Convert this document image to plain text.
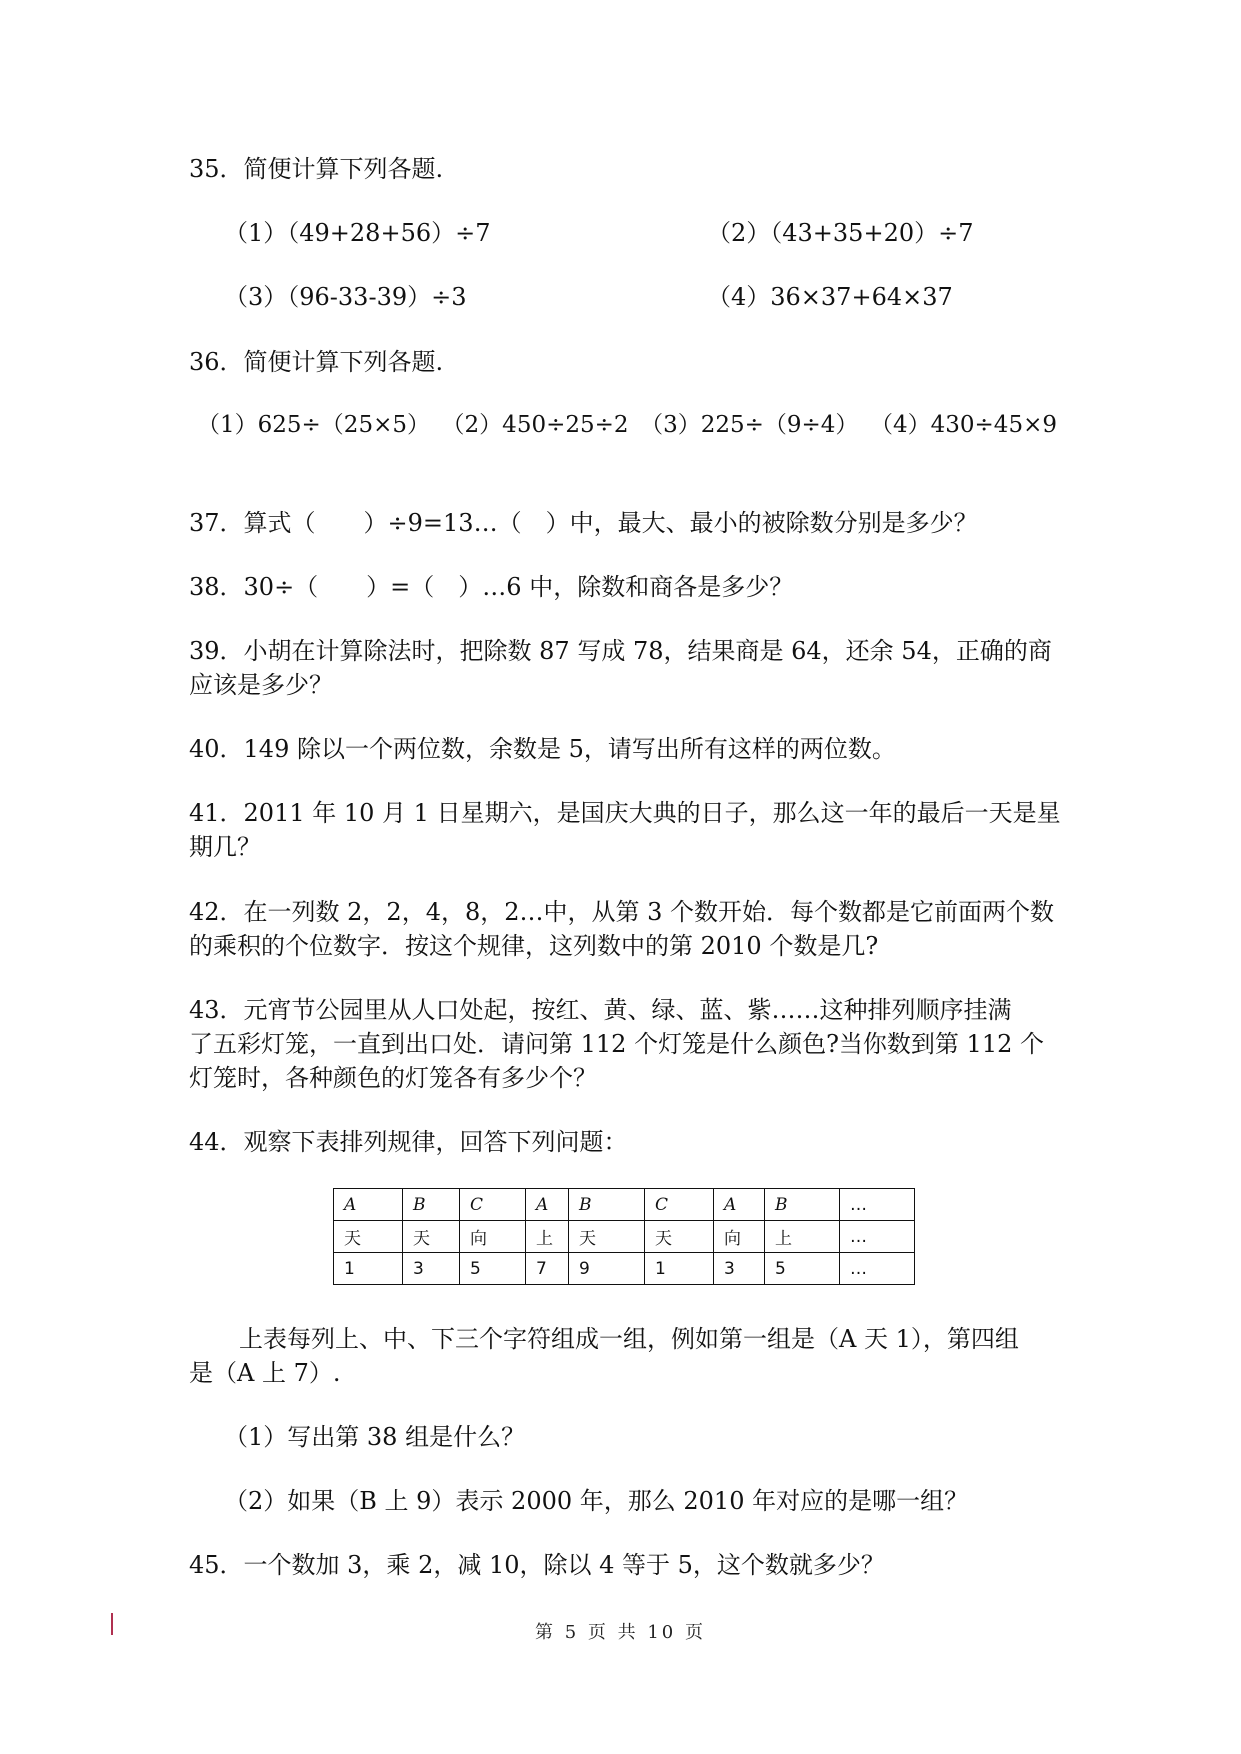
35．简便计算下列各题.
（1）（49+28+56）÷7	（2）（43+35+20）÷7
（3）（96-33-39）÷3	（4）36×37+64×37
36．简便计算下列各题.
（1）625÷（25×5） （2）450÷25÷2 （3）225÷（9÷4） （4）430÷45×9
37．算式（　　）÷9=13…（　）中，最大、最小的被除数分别是多少？
38．30÷（　　）=（　）…6 中，除数和商各是多少？
39．小胡在计算除法时，把除数 87 写成 78，结果商是 64，还余 54，正确的商
应该是多少？
40．149 除以一个两位数，余数是 5，请写出所有这样的两位数。
41．2011 年 10 月 1 日星期六，是国庆大典的日子，那么这一年的最后一天是星
期几？
42．在一列数 2，2，4，8，2…中，从第 3 个数开始．每个数都是它前面两个数
的乘积的个位数字．按这个规律，这列数中的第 2010 个数是几?
43．元宵节公园里从人口处起，按红、黄、绿、蓝、紫……这种排列顺序挂满
了五彩灯笼，一直到出口处．请问第 112 个灯笼是什么颜色?当你数到第 112 个
灯笼时，各种颜色的灯笼各有多少个？
44．观察下表排列规律，回答下列问题：
A	B	C	A	B	C	A	B	…
天	天	向	上	天	天	向	上	…
1	3	5	7	9	1	3	5	…
上表每列上、中、下三个字符组成一组，例如第一组是（A 天 1），第四组
是（A 上 7）.
（1）写出第 38 组是什么？
（2）如果（B 上 9）表示 2000 年，那么 2010 年对应的是哪一组？
45．一个数加 3，乘 2，减 10，除以 4 等于 5，这个数就多少？
第 5 页 共 10 页
